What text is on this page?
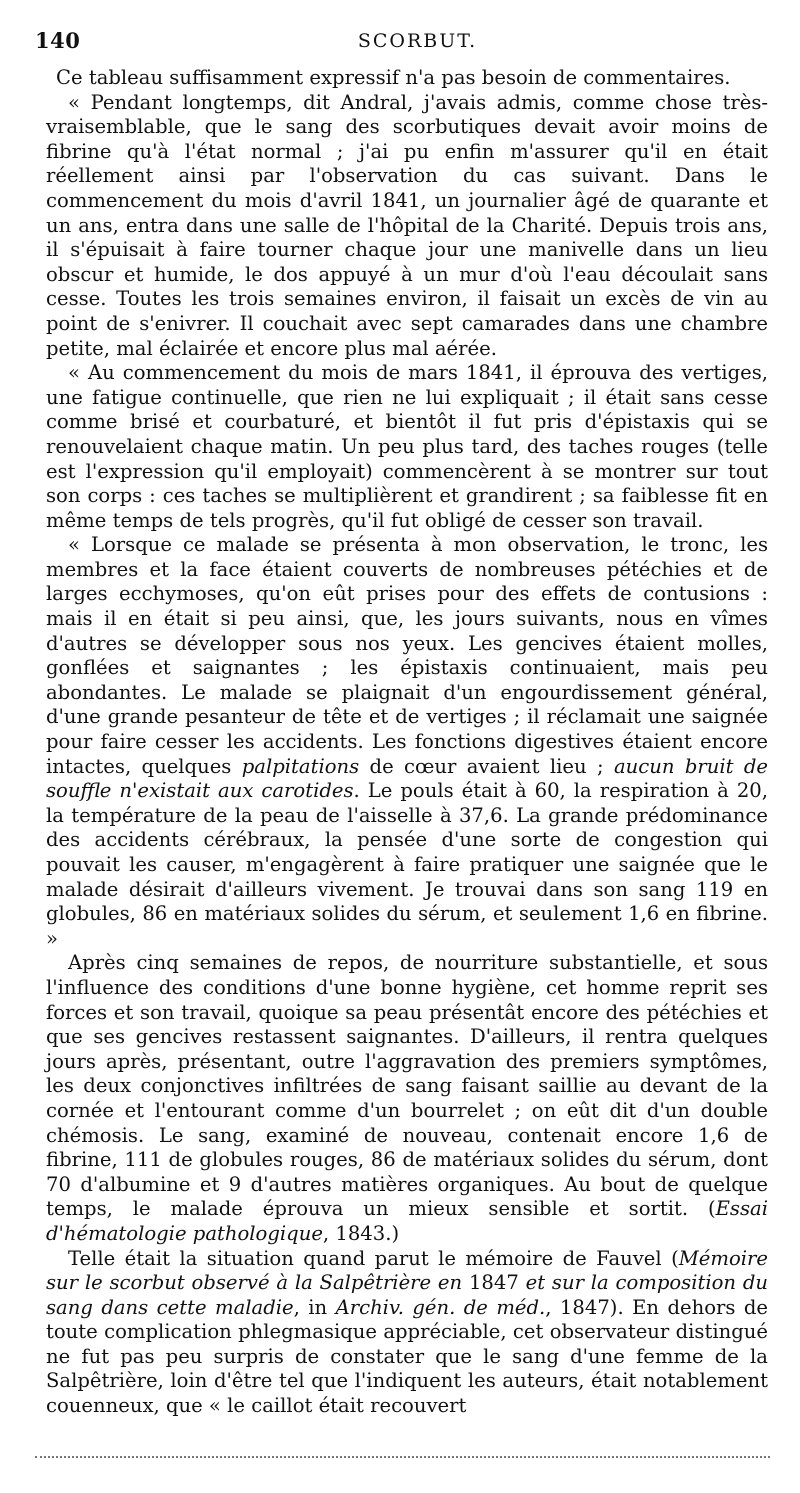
140	SCORBUT.

Ce tableau suffisamment expressif n'a pas besoin de commentaires.

« Pendant longtemps, dit Andral, j'avais admis, comme chose très-vraisemblable, que le sang des scorbutiques devait avoir moins de fibrine qu'à l'état normal ; j'ai pu enfin m'assurer qu'il en était réellement ainsi par l'observation du cas suivant. Dans le commencement du mois d'avril 1841, un journalier âgé de quarante et un ans, entra dans une salle de l'hôpital de la Charité. Depuis trois ans, il s'épuisait à faire tourner chaque jour une manivelle dans un lieu obscur et humide, le dos appuyé à un mur d'où l'eau découlait sans cesse. Toutes les trois semaines environ, il faisait un excès de vin au point de s'enivrer. Il couchait avec sept camarades dans une chambre petite, mal éclairée et encore plus mal aérée.

« Au commencement du mois de mars 1841, il éprouva des vertiges, une fatigue continuelle, que rien ne lui expliquait ; il était sans cesse comme brisé et courbaturé, et bientôt il fut pris d'épistaxis qui se renouvelaient chaque matin. Un peu plus tard, des taches rouges (telle est l'expression qu'il employait) commencèrent à se montrer sur tout son corps : ces taches se multiplièrent et grandirent ; sa faiblesse fit en même temps de tels progrès, qu'il fut obligé de cesser son travail.

« Lorsque ce malade se présenta à mon observation, le tronc, les membres et la face étaient couverts de nombreuses pétéchies et de larges ecchymoses, qu'on eût prises pour des effets de contusions : mais il en était si peu ainsi, que, les jours suivants, nous en vîmes d'autres se développer sous nos yeux. Les gencives étaient molles, gonflées et saignantes ; les épistaxis continuaient, mais peu abondantes. Le malade se plaignait d'un engourdissement général, d'une grande pesanteur de tête et de vertiges ; il réclamait une saignée pour faire cesser les accidents. Les fonctions digestives étaient encore intactes, quelques palpitations de cœur avaient lieu ; aucun bruit de souffle n'existait aux carotides. Le pouls était à 60, la respiration à 20, la température de la peau de l'aisselle à 37,6. La grande prédominance des accidents cérébraux, la pensée d'une sorte de congestion qui pouvait les causer, m'engagèrent à faire pratiquer une saignée que le malade désirait d'ailleurs vivement. Je trouvai dans son sang 119 en globules, 86 en matériaux solides du sérum, et seulement 1,6 en fibrine. »

Après cinq semaines de repos, de nourriture substantielle, et sous l'influence des conditions d'une bonne hygiène, cet homme reprit ses forces et son travail, quoique sa peau présentât encore des pétéchies et que ses gencives restassent saignantes. D'ailleurs, il rentra quelques jours après, présentant, outre l'aggravation des premiers symptômes, les deux conjonctives infiltrées de sang faisant saillie au devant de la cornée et l'entourant comme d'un bourrelet ; on eût dit d'un double chémosis. Le sang, examiné de nouveau, contenait encore 1,6 de fibrine, 111 de globules rouges, 86 de matériaux solides du sérum, dont 70 d'albumine et 9 d'autres matières organiques. Au bout de quelque temps, le malade éprouva un mieux sensible et sortit. (Essai d'hématologie pathologique, 1843.)

Telle était la situation quand parut le mémoire de Fauvel (Mémoire sur le scorbut observé à la Salpêtrière en 1847 et sur la composition du sang dans cette maladie, in Archiv. gén. de méd., 1847). En dehors de toute complication phlegmasique appréciable, cet observateur distingué ne fut pas peu surpris de constater que le sang d'une femme de la Salpêtrière, loin d'être tel que l'indiquent les auteurs, était notablement couenneux, que « le caillot était recouvert
